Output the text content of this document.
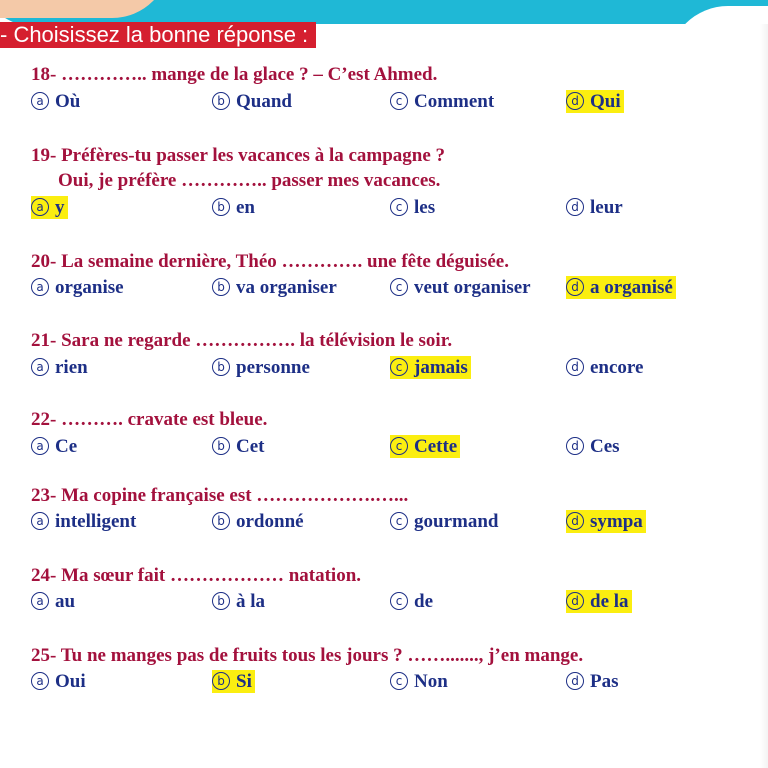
- Choisissez la bonne réponse :
18- ………….. mange de la glace ? – C’est Ahmed.
a Où	b Quand	c Comment	d Qui
19- Préfères-tu passer les vacances à la campagne ?
Oui, je préfère ………….. passer mes vacances.
a y	b en	c les	d leur
20- La semaine dernière, Théo …………. une fête déguisée.
a organise	b va organiser	c veut organiser	d a organisé
21- Sara ne regarde ……………. la télévision le soir.
a rien	b personne	c jamais	d encore
22- ………. cravate est bleue.
a Ce	b Cet	c Cette	d Ces
23- Ma copine française est ……………….…...
a intelligent	b ordonné	c gourmand	d sympa
24- Ma sœur fait ……………… natation.
a au	b à la	c de	d de la
25- Tu ne manges pas de fruits tous les jours ? ……......., j’en mange.
a Oui	b Si	c Non	d Pas
